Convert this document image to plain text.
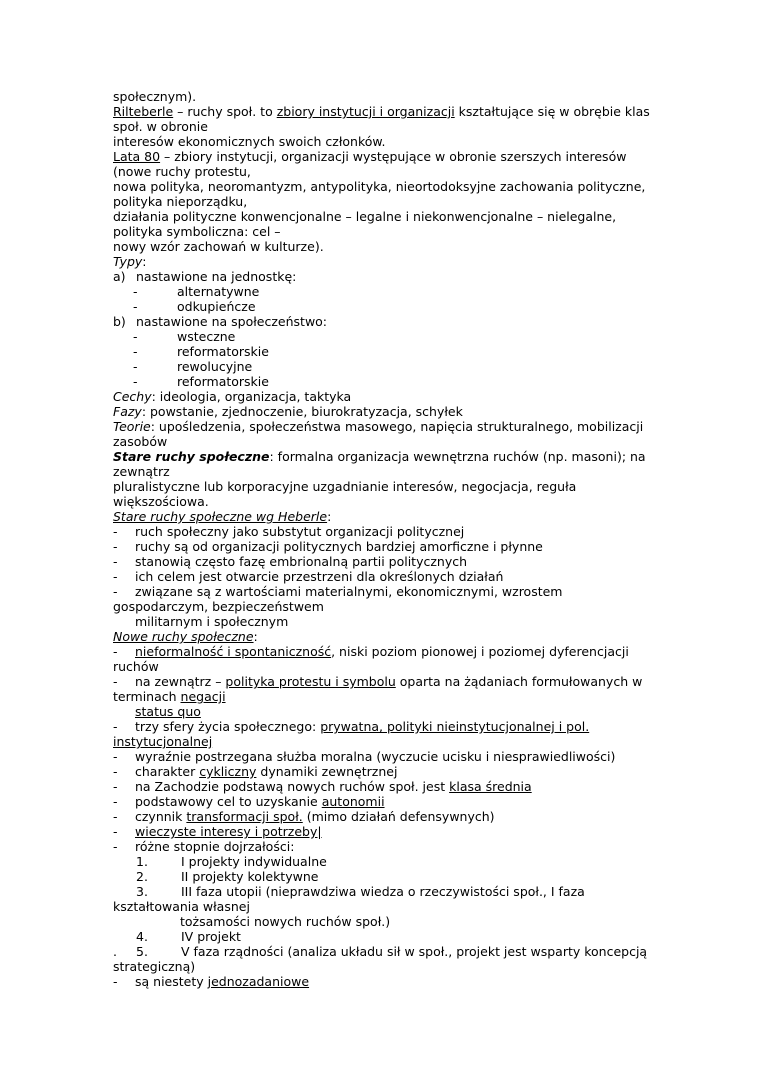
społecznym).
Rilteberle – ruchy społ. to zbiory instytucji i organizacji kształtujące się w obrębie klas
społ. w obronie
interesów ekonomicznych swoich członków.
Lata 80 – zbiory instytucji, organizacji występujące w obronie szerszych interesów
(nowe ruchy protestu,
nowa polityka, neoromantyzm, antypolityka, nieortodoksyjne zachowania polityczne,
polityka nieporządku,
działania polityczne konwencjonalne – legalne i niekonwencjonalne – nielegalne,
polityka symboliczna: cel –
nowy wzór zachowań w kulturze).
Typy:
a) nastawione na jednostkę:
-	alternatywne
-	odkupieńcze
b) nastawione na społeczeństwo:
-	wsteczne
-	reformatorskie
-	rewolucyjne
-	reformatorskie
Cechy: ideologia, organizacja, taktyka
Fazy: powstanie, zjednoczenie, biurokratyzacja, schyłek
Teorie: upośledzenia, społeczeństwa masowego, napięcia strukturalnego, mobilizacji
zasobów
Stare ruchy społeczne: formalna organizacja wewnętrzna ruchów (np. masoni); na
zewnątrz
pluralistyczne lub korporacyjne uzgadnianie interesów, negocjacja, reguła
większościowa.
Stare ruchy społeczne wg Heberle:
- ruch społeczny jako substytut organizacji politycznej
- ruchy są od organizacji politycznych bardziej amorficzne i płynne
- stanowią często fazę embrionalną partii politycznych
- ich celem jest otwarcie przestrzeni dla określonych działań
- związane są z wartościami materialnymi, ekonomicznymi, wzrostem
gospodarczym, bezpieczeństwem
militarnym i społecznym
Nowe ruchy społeczne:
- nieformalność i spontaniczność, niski poziom pionowej i poziomej dyferencjacji
ruchów
- na zewnątrz – polityka protestu i symbolu oparta na żądaniach formułowanych w
terminach negacji
status quo
- trzy sfery życia społecznego: prywatna, polityki nieinstytucjonalnej i pol.
instytucjonalnej
- wyraźnie postrzegana służba moralna (wyczucie ucisku i niesprawiedliwości)
- charakter cykliczny dynamiki zewnętrznej
- na Zachodzie podstawą nowych ruchów społ. jest klasa średnia
- podstawowy cel to uzyskanie autonomii
- czynnik transformacji społ. (mimo działań defensywnych)
- wieczyste interesy i potrzeby|
- różne stopnie dojrzałości:
1.	I projekty indywidualne
2.	II projekty kolektywne
3.	III faza utopii (nieprawdziwa wiedza o rzeczywistości społ., I faza
kształtowania własnej
tożsamości nowych ruchów społ.)
4.	IV projekt
. 5.	V faza rządności (analiza układu sił w społ., projekt jest wsparty koncepcją
strategiczną)
- są niestety jednozadaniowe
